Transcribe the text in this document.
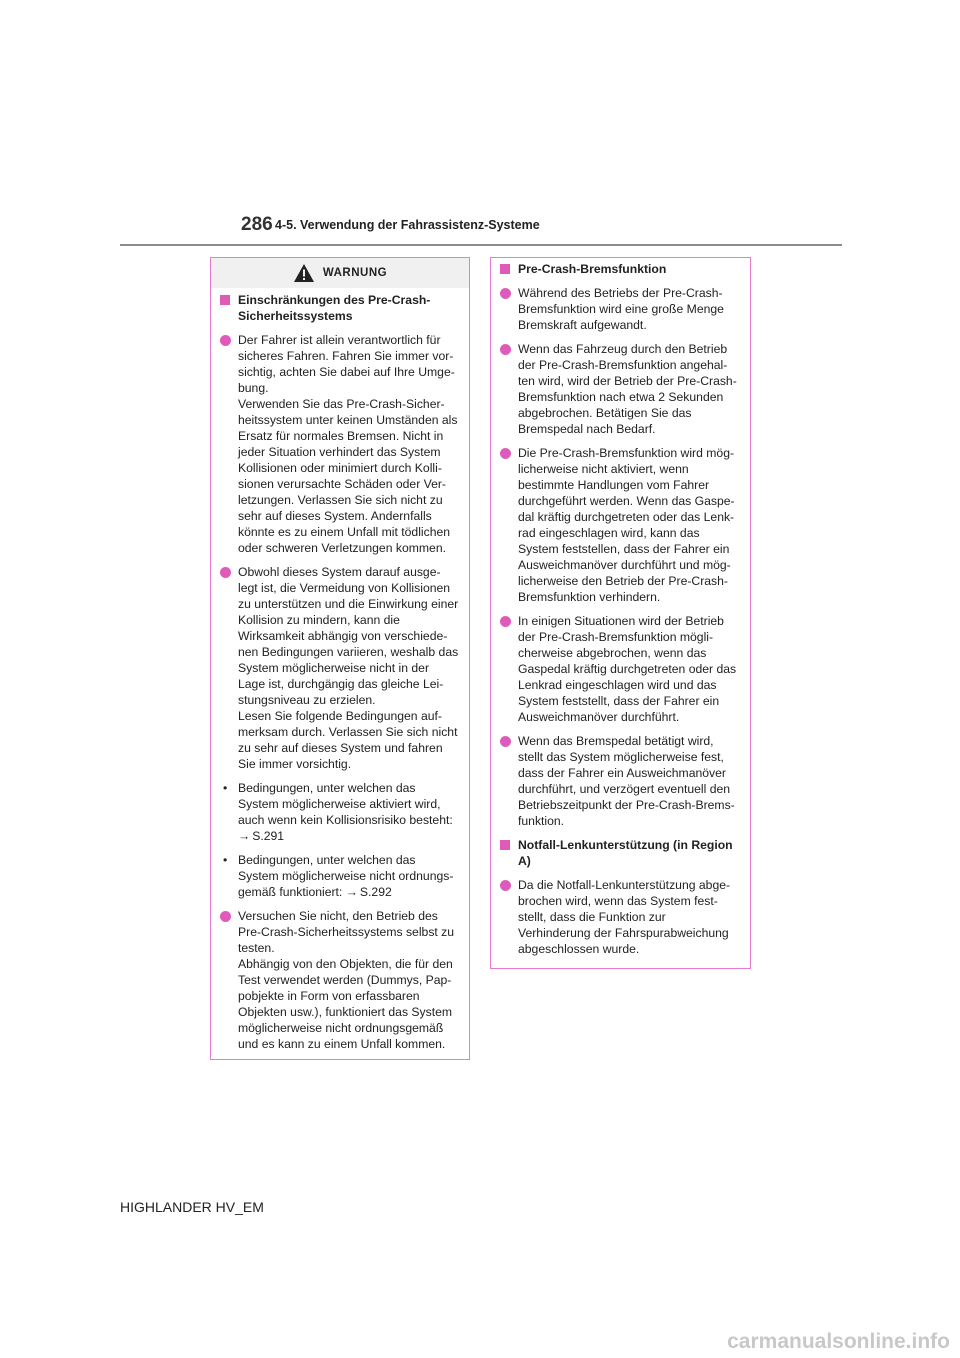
286 4-5. Verwendung der Fahrassistenz-Systeme
WARNUNG
Einschränkungen des Pre-Crash-Sicherheitssystems
Der Fahrer ist allein verantwortlich für sicheres Fahren. Fahren Sie immer vor-sichtig, achten Sie dabei auf Ihre Umge-bung.
Verwenden Sie das Pre-Crash-Sicher-heitssystem unter keinen Umständen als Ersatz für normales Bremsen. Nicht in jeder Situation verhindert das System Kollisionen oder minimiert durch Kolli-sionen verursachte Schäden oder Ver-letzungen. Verlassen Sie sich nicht zu sehr auf dieses System. Andernfalls könnte es zu einem Unfall mit tödlichen oder schweren Verletzungen kommen.
Obwohl dieses System darauf ausge-legt ist, die Vermeidung von Kollisionen zu unterstützen und die Einwirkung einer Kollision zu mindern, kann die Wirksamkeit abhängig von verschiede-nen Bedingungen variieren, weshalb das System möglicherweise nicht in der Lage ist, durchgängig das gleiche Lei-stungsniveau zu erzielen.
Lesen Sie folgende Bedingungen auf-merksam durch. Verlassen Sie sich nicht zu sehr auf dieses System und fahren Sie immer vorsichtig.
• Bedingungen, unter welchen das System möglicherweise aktiviert wird, auch wenn kein Kollisionsrisiko besteht:
→ S.291
• Bedingungen, unter welchen das System möglicherweise nicht ordnungs-gemäß funktioniert: → S.292
Versuchen Sie nicht, den Betrieb des Pre-Crash-Sicherheitssystems selbst zu testen.
Abhängig von den Objekten, die für den Test verwendet werden (Dummys, Pap-pobjekte in Form von erfassbaren Objekten usw.), funktioniert das System möglicherweise nicht ordnungsgemäß und es kann zu einem Unfall kommen.
Pre-Crash-Bremsfunktion
Während des Betriebs der Pre-Crash-Bremsfunktion wird eine große Menge Bremskraft aufgewandt.
Wenn das Fahrzeug durch den Betrieb der Pre-Crash-Bremsfunktion angehal-ten wird, wird der Betrieb der Pre-Crash-Bremsfunktion nach etwa 2 Sekunden abgebrochen. Betätigen Sie das Bremspedal nach Bedarf.
Die Pre-Crash-Bremsfunktion wird mög-licherweise nicht aktiviert, wenn bestimmte Handlungen vom Fahrer durchgeführt werden. Wenn das Gaspe-dal kräftig durchgetreten oder das Lenk-rad eingeschlagen wird, kann das System feststellen, dass der Fahrer ein Ausweichmanöver durchführt und mög-licherweise den Betrieb der Pre-Crash-Bremsfunktion verhindern.
In einigen Situationen wird der Betrieb der Pre-Crash-Bremsfunktion mögli-cherweise abgebrochen, wenn das Gaspedal kräftig durchgetreten oder das Lenkrad eingeschlagen wird und das System feststellt, dass der Fahrer ein Ausweichmanöver durchführt.
Wenn das Bremspedal betätigt wird, stellt das System möglicherweise fest, dass der Fahrer ein Ausweichmanöver durchführt, und verzögert eventuell den Betriebszeitpunkt der Pre-Crash-Brems-funktion.
Notfall-Lenkunterstützung (in Region A)
Da die Notfall-Lenkunterstützung abge-brochen wird, wenn das System fest-stellt, dass die Funktion zur Verhinderung der Fahrspurabweichung abgeschlossen wurde.
HIGHLANDER HV_EM
carmanualsonline.info
